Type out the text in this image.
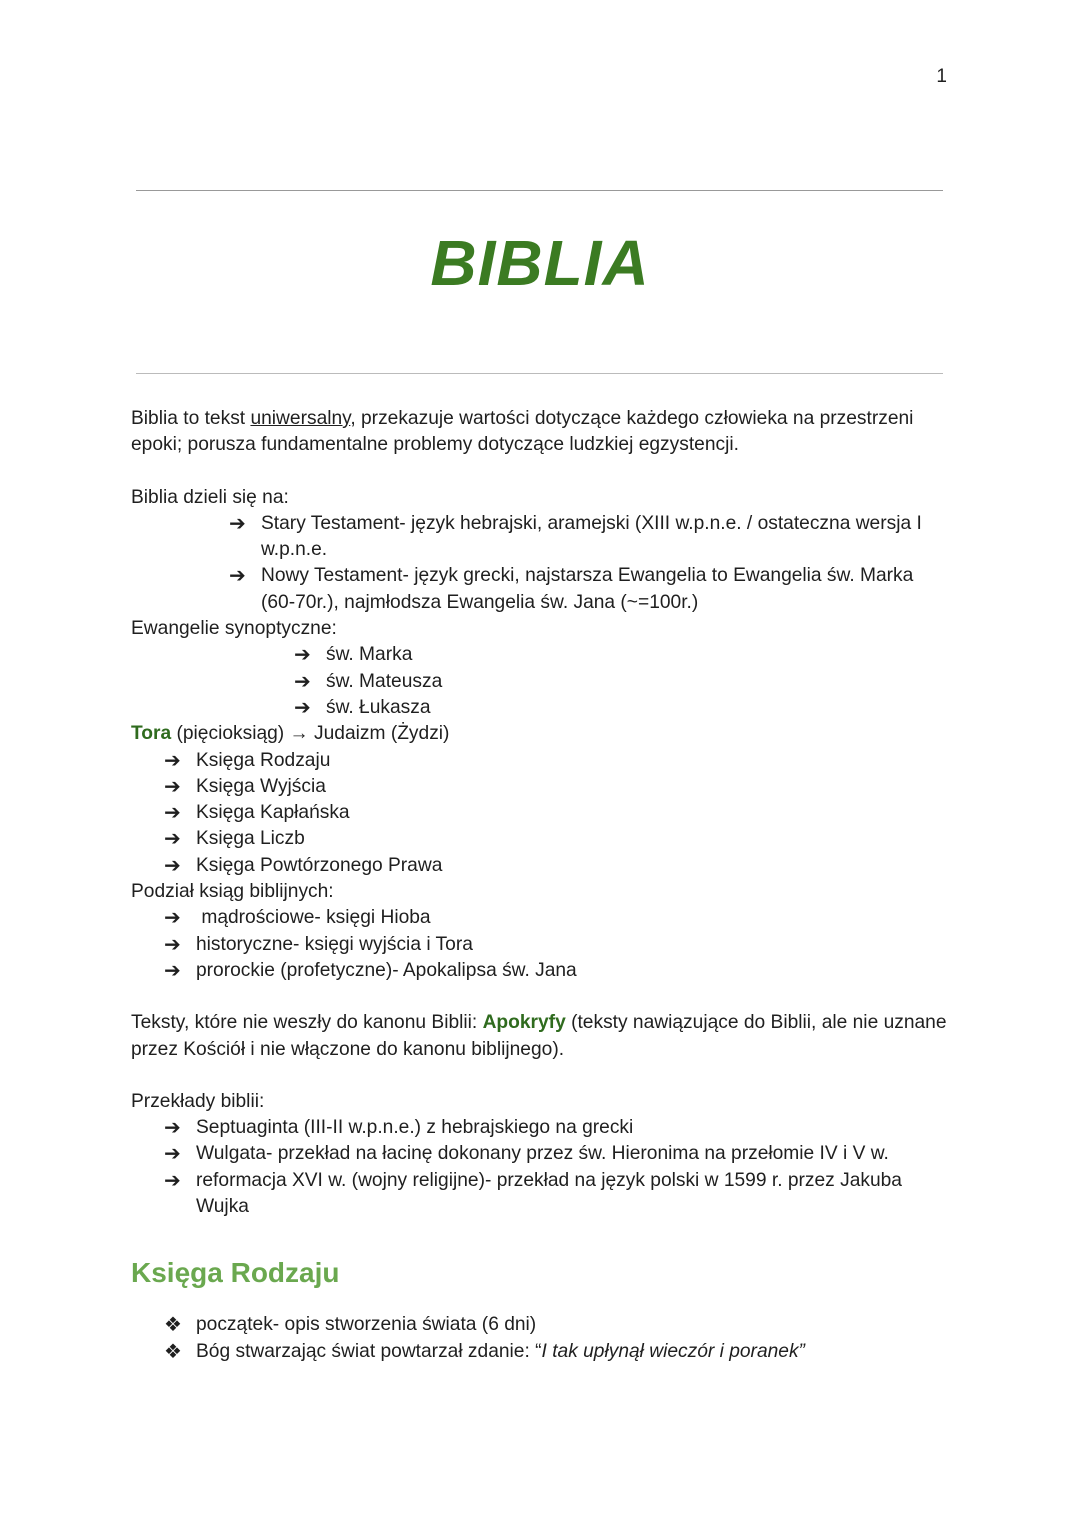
1
BIBLIA

Biblia to tekst uniwersalny, przekazuje wartości dotyczące każdego człowieka na przestrzeni epoki; porusza fundamentalne problemy dotyczące ludzkiej egzystencji.

Biblia dzieli się na:

➔ Stary Testament- język hebrajski, aramejski (XIII w.p.n.e. / ostateczna wersja I w.p.n.e.
➔ Nowy Testament- język grecki, najstarsza Ewangelia to Ewangelia św. Marka (60-70r.), najmłodsza Ewangelia św. Jana (~=100r.)

Ewangelie synoptyczne:

➔ św. Marka
➔ św. Mateusza
➔ św. Łukasza

Tora (pięcioksiąg) → Judaizm (Żydzi)

➔ Księga Rodzaju
➔ Księga Wyjścia
➔ Księga Kapłańska
➔ Księga Liczb
➔ Księga Powtórzonego Prawa

Podział ksiąg biblijnych:

➔ mądrościowe- księgi Hioba
➔ historyczne- księgi wyjścia i Tora
➔ prorockie (profetyczne)- Apokalipsa św. Jana

Teksty, które nie weszły do kanonu Biblii: Apokryfy (teksty nawiązujące do Biblii, ale nie uznane przez Kościół i nie włączone do kanonu biblijnego).

Przekłady biblii:

➔ Septuaginta (III-II w.p.n.e.) z hebrajskiego na grecki
➔ Wulgata- przekład na łacinę dokonany przez św. Hieronima na przełomie IV i V w.
➔ reformacja XVI w. (wojny religijne)- przekład na język polski w 1599 r. przez Jakuba Wujka
Księga Rodzaju
❖ początek- opis stworzenia świata (6 dni)
❖ Bóg stwarzając świat powtarzał zdanie: “I tak upłynął wieczór i poranek”
